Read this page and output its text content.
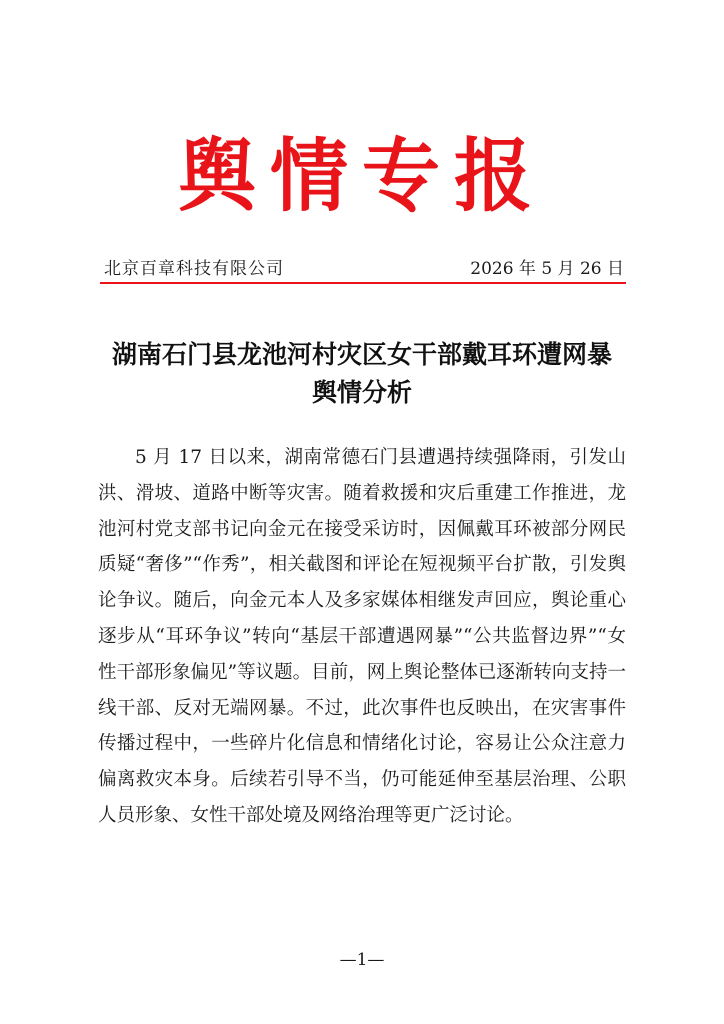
舆情专报
北京百章科技有限公司	2026 年 5 月 26 日
湖南石门县龙池河村灾区女干部戴耳环遭网暴
舆情分析

5 月 17 日以来，湖南常德石门县遭遇持续强降雨，引发山洪、滑坡、道路中断等灾害。随着救援和灾后重建工作推进，龙池河村党支部书记向金元在接受采访时，因佩戴耳环被部分网民质疑“奢侈”“作秀”，相关截图和评论在短视频平台扩散，引发舆论争议。随后，向金元本人及多家媒体相继发声回应，舆论重心逐步从“耳环争议”转向“基层干部遭遇网暴”“公共监督边界”“女性干部形象偏见”等议题。目前，网上舆论整体已逐渐转向支持一线干部、反对无端网暴。不过，此次事件也反映出，在灾害事件传播过程中，一些碎片化信息和情绪化讨论，容易让公众注意力偏离救灾本身。后续若引导不当，仍可能延伸至基层治理、公职人员形象、女性干部处境及网络治理等更广泛讨论。

—1—
